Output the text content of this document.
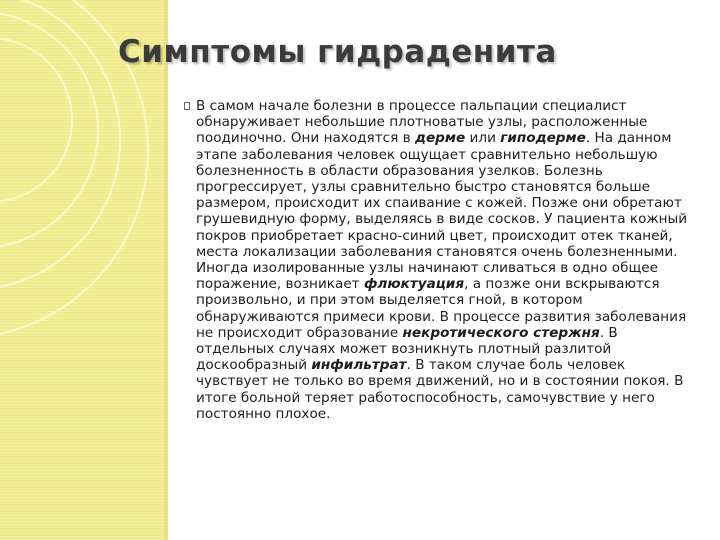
Симптомы гидраденита

В самом начале болезни в процессе пальпации специалист обнаруживает небольшие плотноватые узлы, расположенные поодиночно. Они находятся в дерме или гиподерме. На данном этапе заболевания человек ощущает сравнительно небольшую болезненность в области образования узелков. Болезнь прогрессирует, узлы сравнительно быстро становятся больше размером, происходит их спаивание с кожей. Позже они обретают грушевидную форму, выделяясь в виде сосков. У пациента кожный покров приобретает красно-синий цвет, происходит отек тканей, места локализации заболевания становятся очень болезненными. Иногда изолированные узлы начинают сливаться в одно общее поражение, возникает флюктуация, а позже они вскрываются произвольно, и при этом выделяется гной, в котором обнаруживаются примеси крови. В процессе развития заболевания не происходит образование некротического стержня. В отдельных случаях может возникнуть плотный разлитой доскообразный инфильтрат. В таком случае боль человек чувствует не только во время движений, но и в состоянии покоя. В итоге больной теряет работоспособность, самочувствие у него постоянно плохое.
